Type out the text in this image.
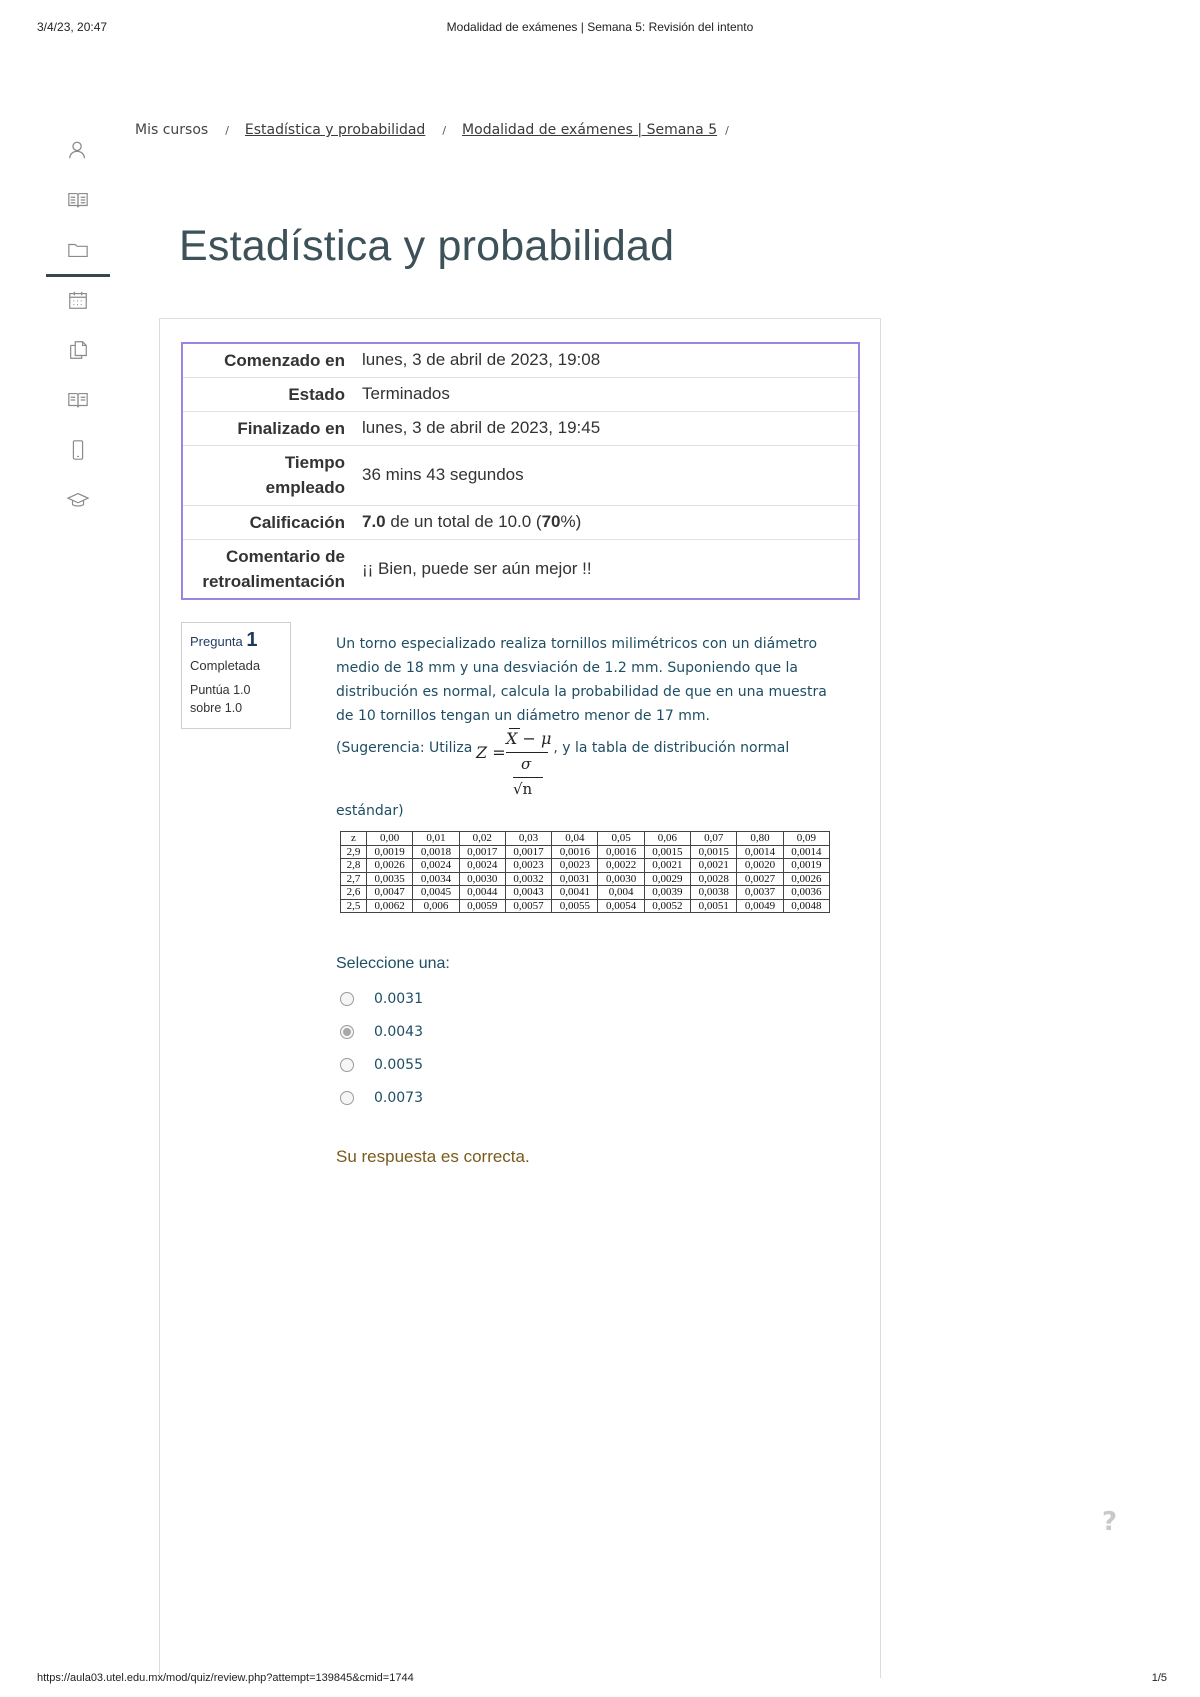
3/4/23, 20:47	Modalidad de exámenes | Semana 5: Revisión del intento
Mis cursos / Estadística y probabilidad / Modalidad de exámenes | Semana 5 /
Estadística y probabilidad
Comenzado en	lunes, 3 de abril de 2023, 19:08
Estado	Terminados
Finalizado en	lunes, 3 de abril de 2023, 19:45
Tiempo
empleado	36 mins 43 segundos
Calificación	7.0 de un total de 10.0 (70%)
Comentario de
retroalimentación	¡¡ Bien, puede ser aún mejor !!
Pregunta 1
Completada
Puntúa 1.0
sobre 1.0
Un torno especializado realiza tornillos milimétricos con un diámetro medio de 18 mm y una desviación de 1.2 mm. Suponiendo que la distribución es normal, calcula la probabilidad de que en una muestra de 10 tornillos tengan un diámetro menor de 17 mm.
(Sugerencia: Utiliza	, y la tabla de distribución normal
Z =
X − μ
σ
√n
estándar)
z	0,00	0,01	0,02	0,03	0,04	0,05	0,06	0,07	0,80	0,09
2,9	0,0019	0,0018	0,0017	0,0017	0,0016	0,0016	0,0015	0,0015	0,0014	0,0014
2,8	0,0026	0,0024	0,0024	0,0023	0,0023	0,0022	0,0021	0,0021	0,0020	0,0019
2,7	0,0035	0,0034	0,0030	0,0032	0,0031	0,0030	0,0029	0,0028	0,0027	0,0026
2,6	0,0047	0,0045	0,0044	0,0043	0,0041	0,004	0,0039	0,0038	0,0037	0,0036
2,5	0,0062	0,006	0,0059	0,0057	0,0055	0,0054	0,0052	0,0051	0,0049	0,0048
Seleccione una:
0.0031
0.0043
0.0055
0.0073
Su respuesta es correcta.
?
https://aula03.utel.edu.mx/mod/quiz/review.php?attempt=139845&cmid=1744	1/5
